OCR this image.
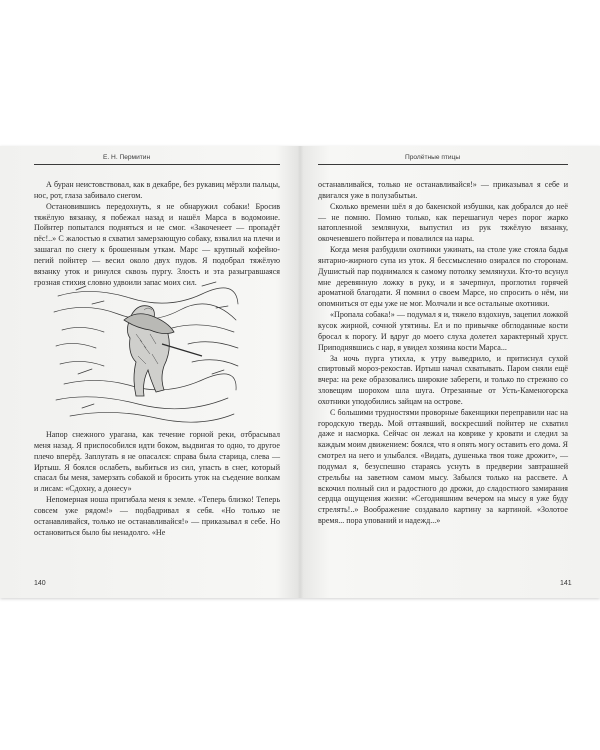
Е. Н. Пермитин

А буран неистовствовал, как в декабре, без рукавиц мёрзли пальцы, нос, рот, глаза забивало снегом.

Остановившись передохнуть, я не обнаружил собаки! Бросив тяжёлую вязанку, я побежал назад и нашёл Марса в водомоине. Пойнтер попытался подняться и не смог. «Закоченеет — пропадёт пёс!..» С жалостью я схватил замерзающую собаку, взвалил на плечи и зашагал по снегу к брошенным уткам. Марс — крупный кофейно-пегий пойнтер — весил около двух пудов. Я подобрал тяжёлую вязанку уток и ринулся сквозь пургу. Злость и эта разыгравшаяся грозная стихия словно удвоили запас моих сил.

Напор снежного урагана, как течение горной реки, отбрасывал меня назад. Я приспособился идти боком, выдвигая то одно, то другое плечо вперёд. Заплутать я не опасался: справа была старица, слева — Иртыш. Я боялся ослабеть, выбиться из сил, упасть в снег, который спасал бы меня, замерзать собакой и бросить уток на съедение волкам и лисам: «Сдохну, а донесу»

Непомерная ноша пригибала меня к земле. «Теперь близко! Теперь совсем уже рядом!» — подбадривал я себя. «Но только не останавливайся, только не останавливайся!» — приказывал я себе. Но остановиться было бы ненадолго. «Не

140
Пролётные птицы

останавливайся, только не останавливайся!» — приказывал я себе и двигался уже в полузабытьи.

Сколько времени шёл я до бакенской избушки, как добрался до неё — не помню. Помню только, как перешагнул через порог жарко натопленной землянухи, выпустил из рук тяжёлую вязанку, окоченевшего пойнтера и повалился на нары.

Когда меня разбудили охотники ужинать, на столе уже стояла бадья янтарно-жирного супа из уток. Я бессмысленно озирался по сторонам. Душистый пар поднимался к самому потолку землянухи. Кто-то всунул мне деревянную ложку в руку, и я зачерпнул, проглотил горячей ароматной благодати. Я помнил о своем Марсе, но спросить о нём, ни опомниться от еды уже не мог. Молчали и все остальные охотники.

«Пропала собака!» — подумал я и, тяжело вздохнув, зацепил ложкой кусок жирной, сочной утятины. Ел и по привычке обглоданные кости бросал к порогу. И вдруг до моего слуха долетел характерный хруст. Приподнявшись с нар, я увидел хозяина кости Марса...

За ночь пурга утихла, к утру выведрило, и притиснул сухой спиртовый мороз-рекостав. Иртыш начал схватывать. Паром сняли ещё вчера: на реке образовались широкие забереги, и только по стрежню со зловещим шорохом шла шуга. Отрезанные от Усть-Каменогорска охотники уподобились зайцам на острове.

С большими трудностями проворные бакенщики переправили нас на городскую твердь. Мой оттаявший, воскресший пойнтер не схватил даже и насморка. Сейчас он лежал на коврике у кровати и следил за каждым моим движением: боялся, что я опять могу оставить его дома. Я смотрел на него и улыбался. «Видать, душенька твоя тоже дрожит», — подумал я, безуспешно стараясь уснуть в предверии завтрашней стрельбы на заветном самом мысу. Забылся только на рассвете. А вскочил полный сил и радостного до дрожи, до сладостного замирания сердца ощущения жизни: «Сегодняшним вечером на мысу я уже буду стрелять!..» Воображение создавало картину за картиной. «Золотое время... пора упований и надежд...»

141
